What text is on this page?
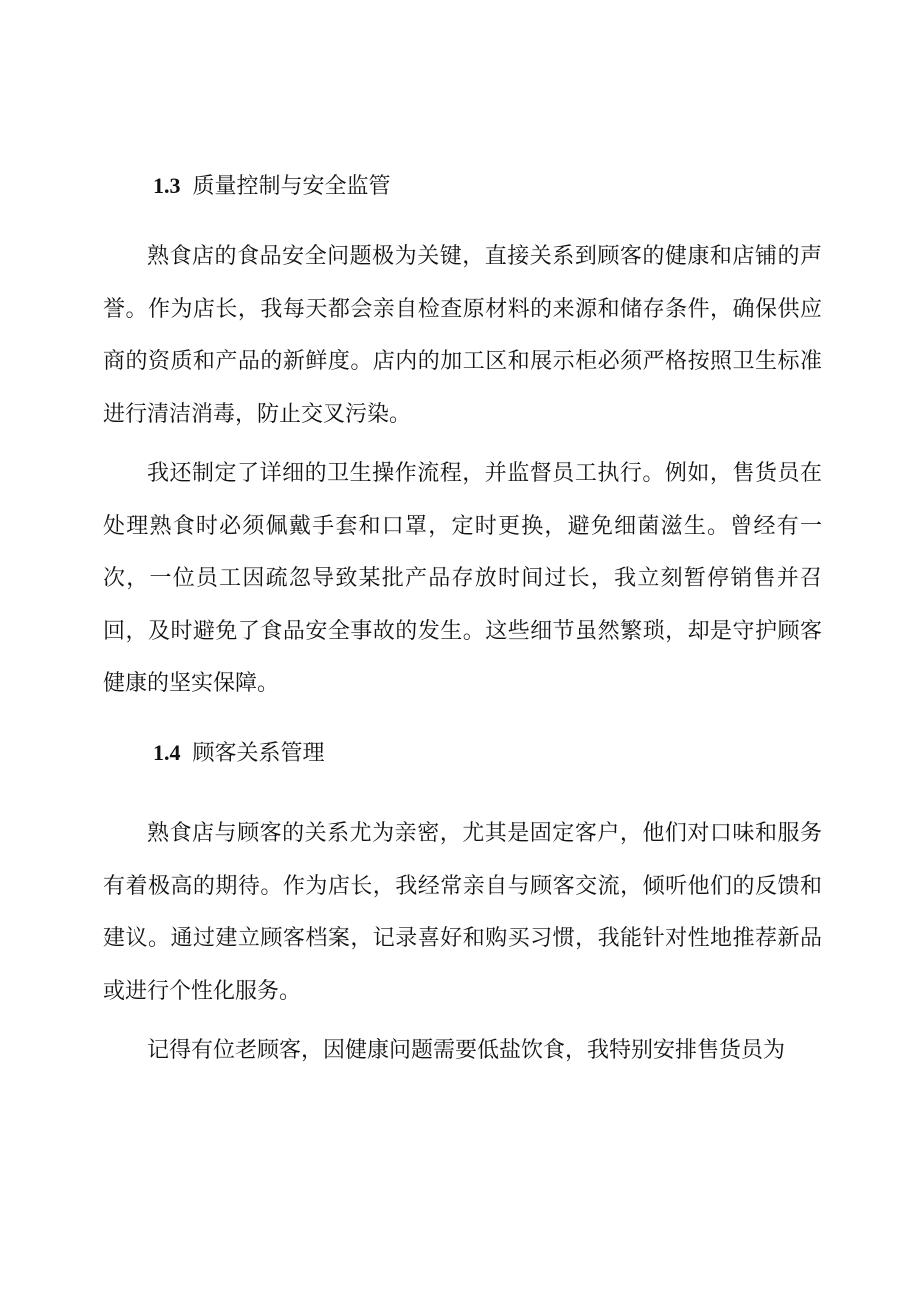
1.3 质量控制与安全监管

熟食店的食品安全问题极为关键，直接关系到顾客的健康和店铺的声誉。作为店长，我每天都会亲自检查原材料的来源和储存条件，确保供应商的资质和产品的新鲜度。店内的加工区和展示柜必须严格按照卫生标准进行清洁消毒，防止交叉污染。

我还制定了详细的卫生操作流程，并监督员工执行。例如，售货员在处理熟食时必须佩戴手套和口罩，定时更换，避免细菌滋生。曾经有一次，一位员工因疏忽导致某批产品存放时间过长，我立刻暂停销售并召回，及时避免了食品安全事故的发生。这些细节虽然繁琐，却是守护顾客健康的坚实保障。

1.4 顾客关系管理

熟食店与顾客的关系尤为亲密，尤其是固定客户，他们对口味和服务有着极高的期待。作为店长，我经常亲自与顾客交流，倾听他们的反馈和建议。通过建立顾客档案，记录喜好和购买习惯，我能针对性地推荐新品或进行个性化服务。

记得有位老顾客，因健康问题需要低盐饮食，我特别安排售货员为
